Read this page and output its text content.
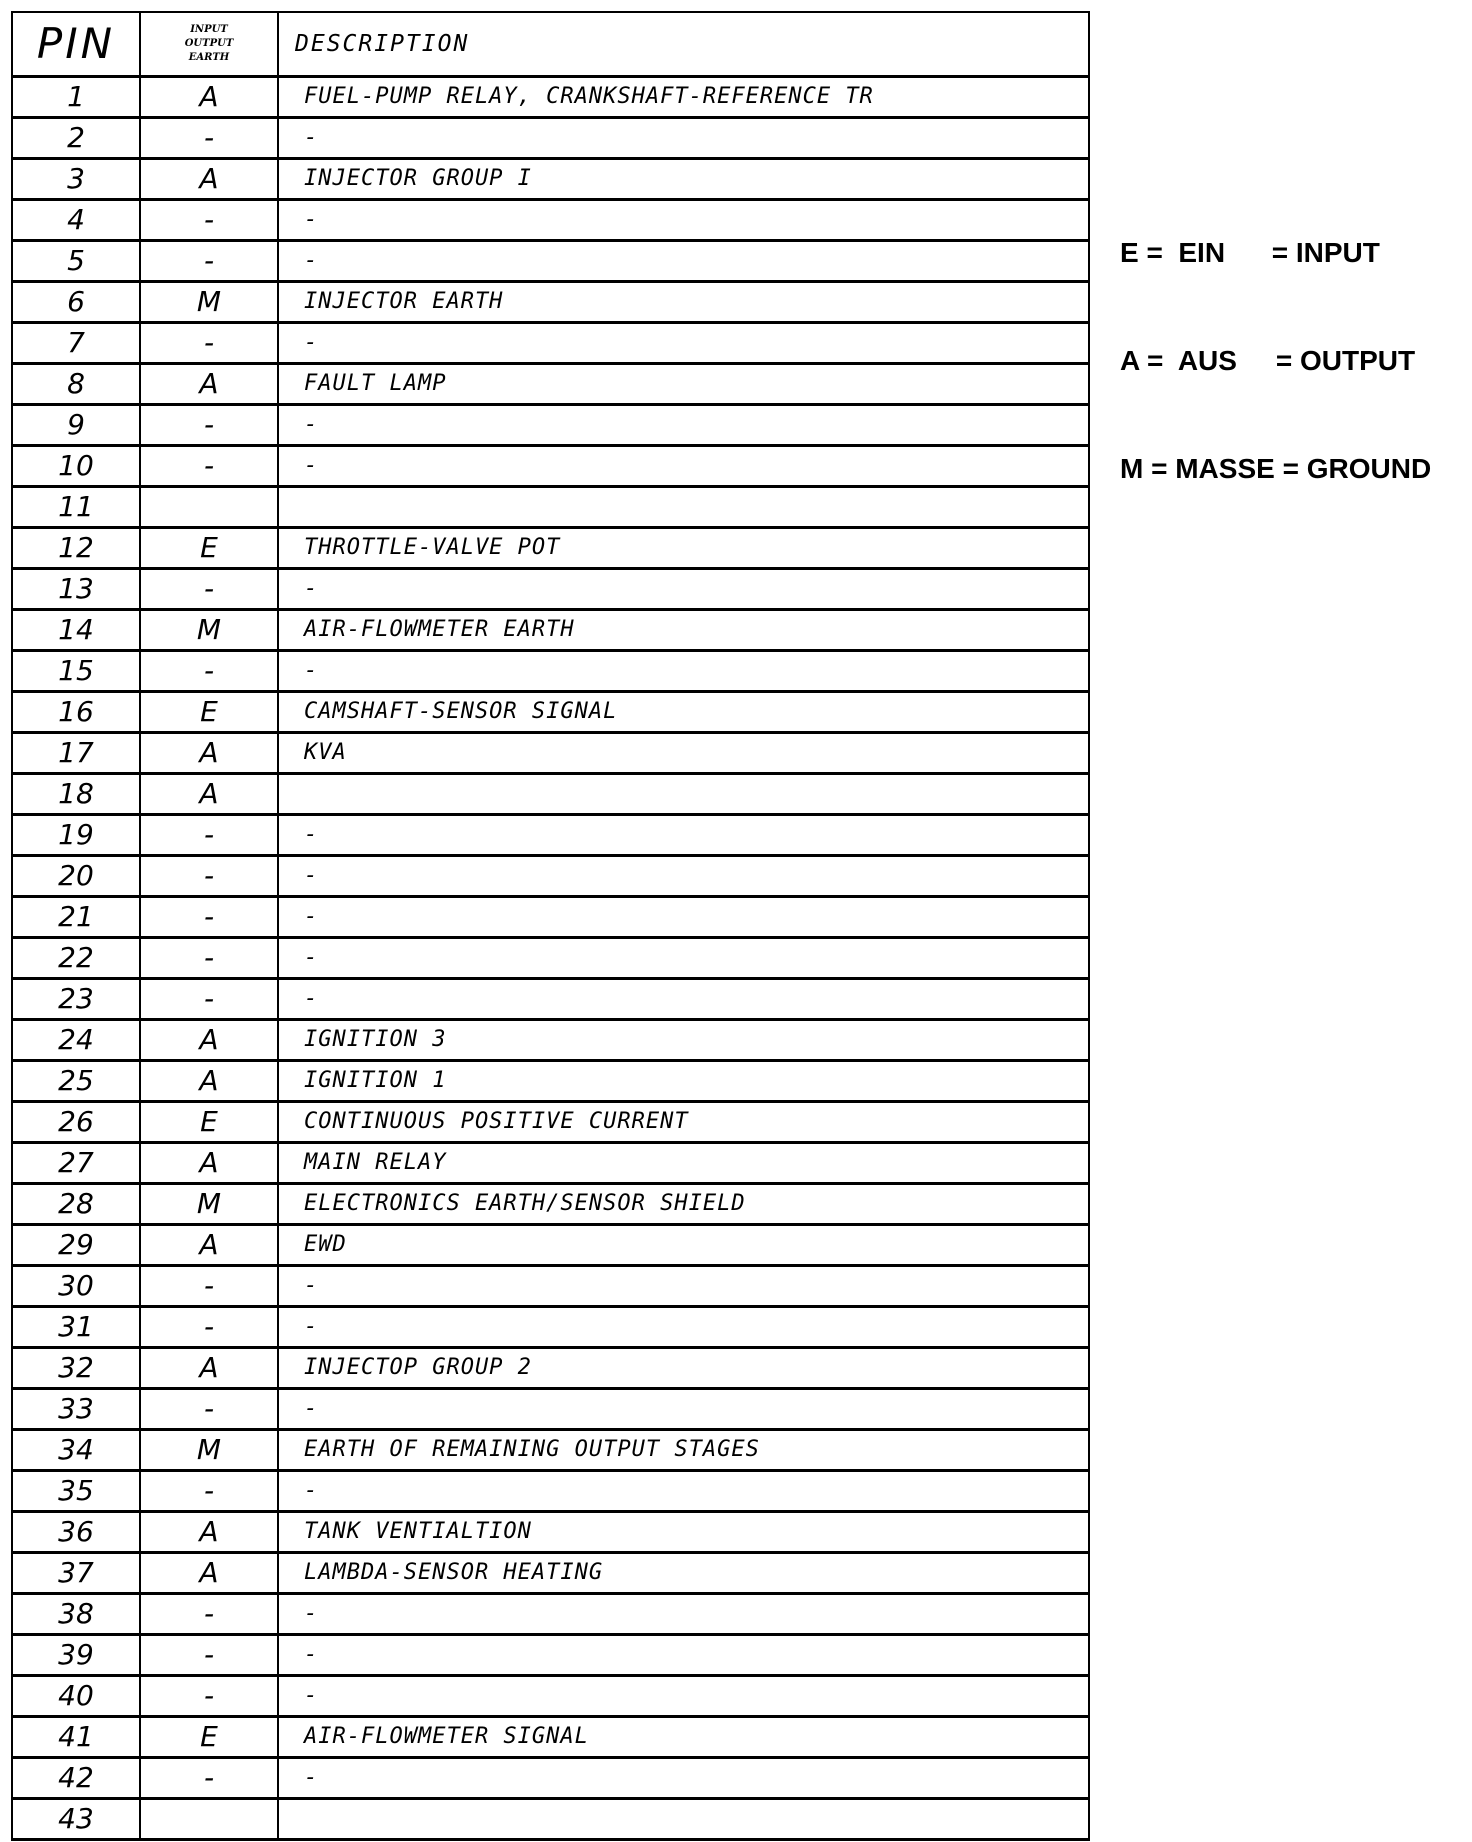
PIN	INPUT
OUTPUT
EARTH	DESCRIPTION
1	A	FUEL-PUMP RELAY, CRANKSHAFT-REFERENCE TR
2	-	-
3	A	INJECTOR GROUP I
4	-	-
5	-	-
6	M	INJECTOR EARTH
7	-	-
8	A	FAULT LAMP
9	-	-
10	-	-
11		
12	E	THROTTLE-VALVE POT
13	-	-
14	M	AIR-FLOWMETER EARTH
15	-	-
16	E	CAMSHAFT-SENSOR SIGNAL
17	A	KVA
18	A	
19	-	-
20	-	-
21	-	-
22	-	-
23	-	-
24	A	IGNITION 3
25	A	IGNITION 1
26	E	CONTINUOUS POSITIVE CURRENT
27	A	MAIN RELAY
28	M	ELECTRONICS EARTH/SENSOR SHIELD
29	A	EWD
30	-	-
31	-	-
32	A	INJECTOP GROUP 2
33	-	-
34	M	EARTH OF REMAINING OUTPUT STAGES
35	-	-
36	A	TANK VENTIALTION
37	A	LAMBDA-SENSOR HEATING
38	-	-
39	-	-
40	-	-
41	E	AIR-FLOWMETER SIGNAL
42	-	-
43		

E =  EIN      = INPUT

A =  AUS     = OUTPUT

M = MASSE = GROUND
